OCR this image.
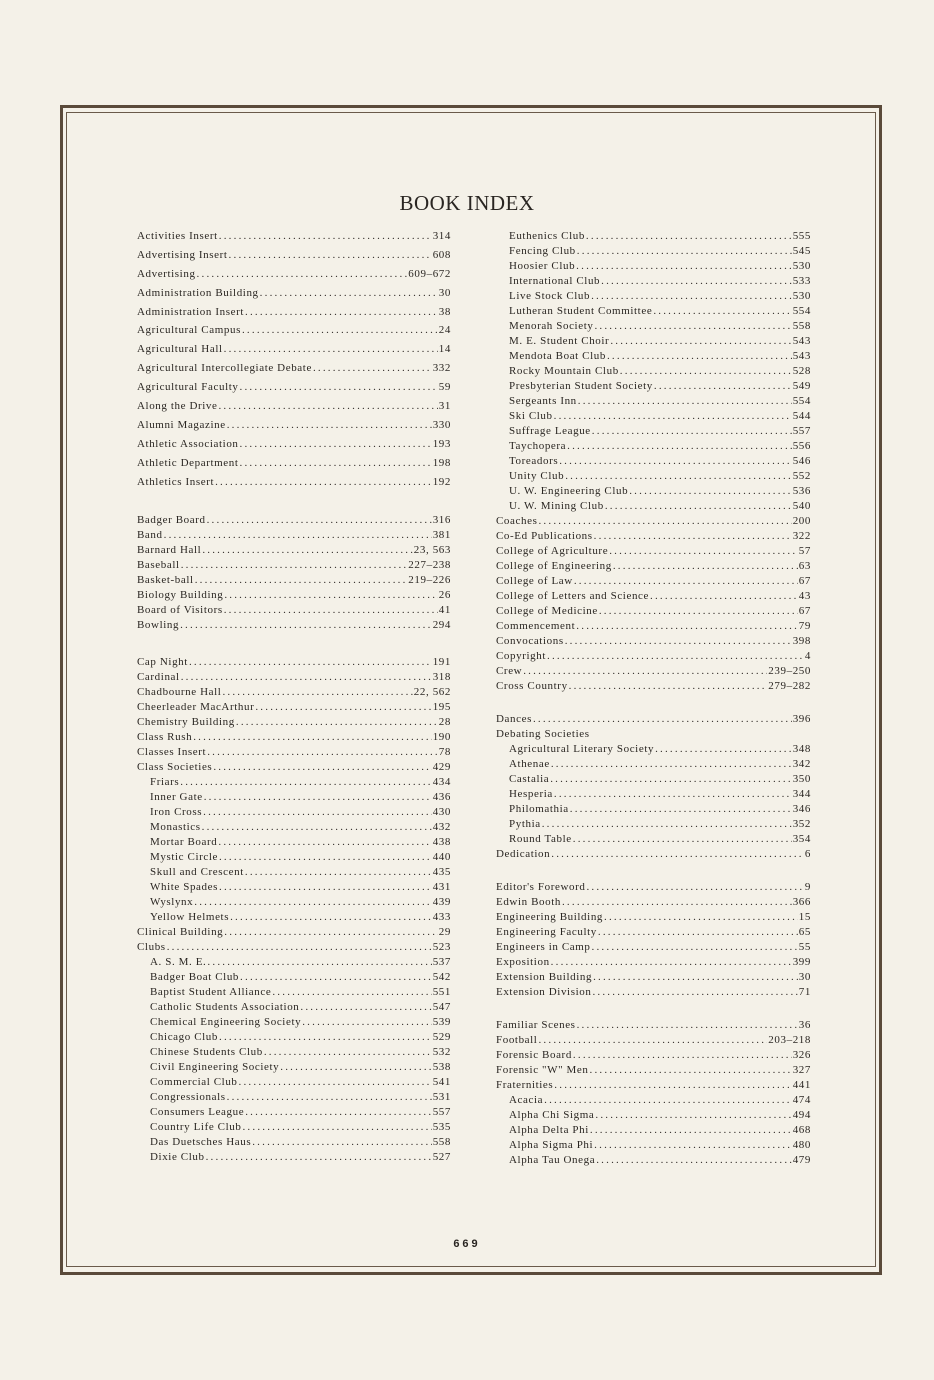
BOOK INDEX
Activities Insert .....	314
Advertising Insert .....	608
Advertising .....	609–672
Administration Building .....	30
Administration Insert .....	38
Agricultural Campus .....	24
Agricultural Hall .....	14
Agricultural Intercollegiate Debate .....	332
Agricultural Faculty .....	59
Along the Drive .....	31
Alumni Magazine .....	330
Athletic Association .....	193
Athletic Department .....	198
Athletics Insert .....	192
Badger Board .....	316
Band .....	381
Barnard Hall .....	23, 563
Baseball .....	227–238
Basket-ball .....	219–226
Biology Building .....	26
Board of Visitors .....	41
Bowling .....	294
Cap Night .....	191
Cardinal .....	318
Chadbourne Hall .....	22, 562
Cheerleader MacArthur .....	195
Chemistry Building .....	28
Class Rush .....	190
Classes Insert .....	78
Class Societies .....	429
Friars .....	434
Inner Gate .....	436
Iron Cross .....	430
Monastics .....	432
Mortar Board .....	438
Mystic Circle .....	440
Skull and Crescent .....	435
White Spades .....	431
Wyslynx .....	439
Yellow Helmets .....	433
Clinical Building .....	29
Clubs .....	523
A. S. M. E. .....	537
Badger Boat Club .....	542
Baptist Student Alliance .....	551
Catholic Students Association .....	547
Chemical Engineering Society .....	539
Chicago Club .....	529
Chinese Students Club .....	532
Civil Engineering Society .....	538
Commercial Club .....	541
Congressionals .....	531
Consumers League .....	557
Country Life Club .....	535
Das Duetsches Haus .....	558
Dixie Club .....	527
Euthenics Club .....	555
Fencing Club .....	545
Hoosier Club .....	530
International Club .....	533
Live Stock Club .....	530
Lutheran Student Committee .....	554
Menorah Society .....	558
M. E. Student Choir .....	543
Mendota Boat Club .....	543
Rocky Mountain Club .....	528
Presbyterian Student Society .....	549
Sergeants Inn .....	554
Ski Club .....	544
Suffrage League .....	557
Taychopera .....	556
Toreadors .....	546
Unity Club .....	552
U. W. Engineering Club .....	536
U. W. Mining Club .....	540
Coaches .....	200
Co-Ed Publications .....	322
College of Agriculture .....	57
College of Engineering .....	63
College of Law .....	67
College of Letters and Science .....	43
College of Medicine .....	67
Commencement .....	79
Convocations .....	398
Copyright .....	4
Crew .....	239–250
Cross Country .....	279–282
Dances .....	396
Debating Societies
Agricultural Literary Society .....	348
Athenae .....	342
Castalia .....	350
Hesperia .....	344
Philomathia .....	346
Pythia .....	352
Round Table .....	354
Dedication .....	6
Editor's Foreword .....	9
Edwin Booth .....	366
Engineering Building .....	15
Engineering Faculty .....	65
Engineers in Camp .....	55
Exposition .....	399
Extension Building .....	30
Extension Division .....	71
Familiar Scenes .....	36
Football .....	203–218
Forensic Board .....	326
Forensic "W" Men .....	327
Fraternities .....	441
Acacia .....	474
Alpha Chi Sigma .....	494
Alpha Delta Phi .....	468
Alpha Sigma Phi .....	480
Alpha Tau Onega .....	479
669
